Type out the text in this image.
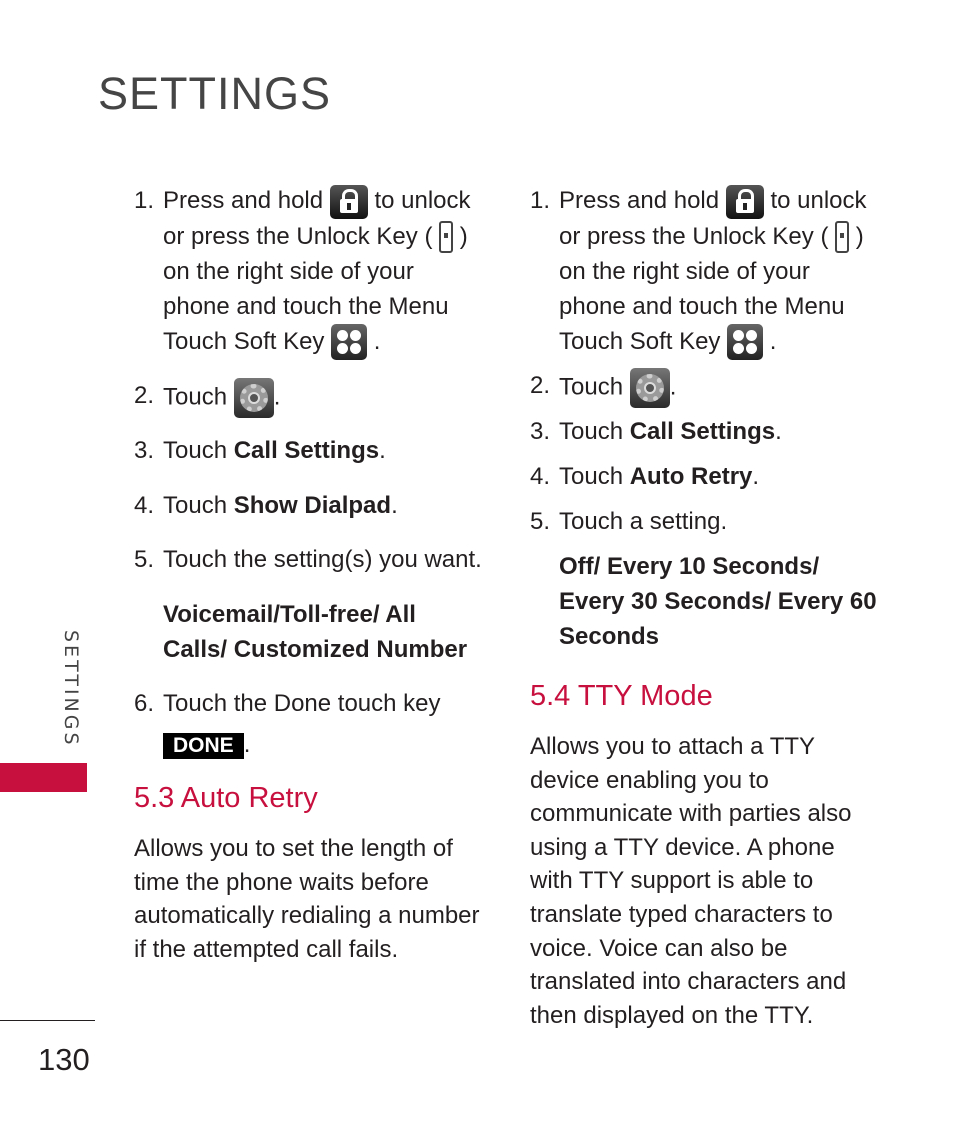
SETTINGS
SETTINGS
130
1. Press and hold to unlock
or press the Unlock Key ( )
on the right side of your
phone and touch the Menu
Touch Soft Key .
2. Touch .
3. Touch Call Settings.
4. Touch Show Dialpad.
5. Touch the setting(s) you want.
Voicemail/Toll-free/ All
Calls/ Customized Number
6. Touch the Done touch key
DONE .
5.3 Auto Retry
Allows you to set the length of
time the phone waits before
automatically redialing a number
if the attempted call fails.
1. Press and hold to unlock
or press the Unlock Key ( )
on the right side of your
phone and touch the Menu
Touch Soft Key .
2. Touch .
3. Touch Call Settings.
4. Touch Auto Retry.
5. Touch a setting.
Off/ Every 10 Seconds/
Every 30 Seconds/ Every 60
Seconds
5.4 TTY Mode
Allows you to attach a TTY
device enabling you to
communicate with parties also
using a TTY device. A phone
with TTY support is able to
translate typed characters to
voice. Voice can also be
translated into characters and
then displayed on the TTY.
